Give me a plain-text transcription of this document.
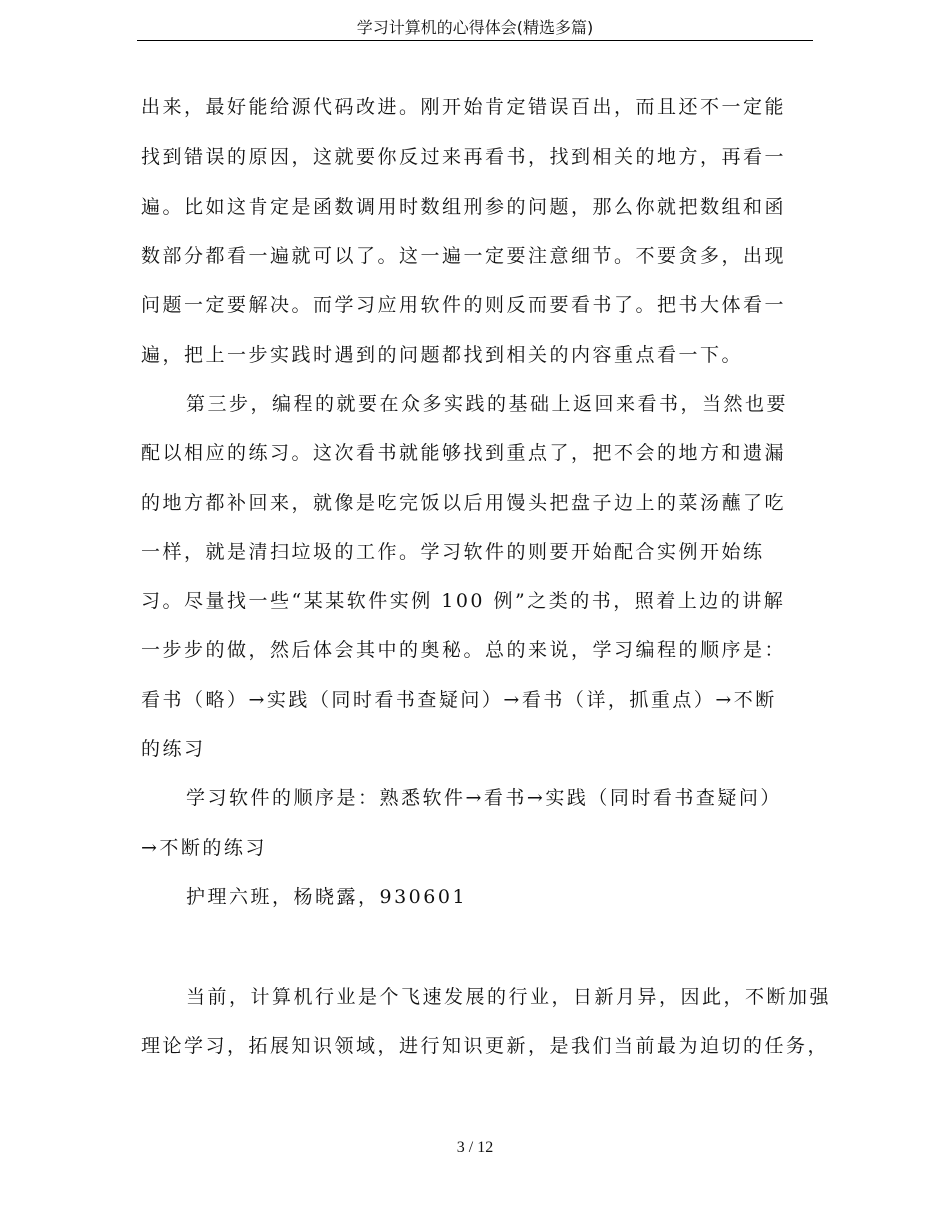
学习计算机的心得体会(精选多篇)
出来，最好能给源代码改进。刚开始肯定错误百出，而且还不一定能
找到错误的原因，这就要你反过来再看书，找到相关的地方，再看一
遍。比如这肯定是函数调用时数组刑参的问题，那么你就把数组和函
数部分都看一遍就可以了。这一遍一定要注意细节。不要贪多，出现
问题一定要解决。而学习应用软件的则反而要看书了。把书大体看一
遍，把上一步实践时遇到的问题都找到相关的内容重点看一下。
第三步，编程的就要在众多实践的基础上返回来看书，当然也要
配以相应的练习。这次看书就能够找到重点了，把不会的地方和遗漏
的地方都补回来，就像是吃完饭以后用馒头把盘子边上的菜汤蘸了吃
一样，就是清扫垃圾的工作。学习软件的则要开始配合实例开始练
习。尽量找一些“某某软件实例 100 例”之类的书，照着上边的讲解
一步步的做，然后体会其中的奥秘。总的来说，学习编程的顺序是：
看书（略）→实践（同时看书查疑问）→看书（详，抓重点）→不断
的练习
学习软件的顺序是：熟悉软件→看书→实践（同时看书查疑问）
→不断的练习
护理六班，杨晓露，930601
当前，计算机行业是个飞速发展的行业，日新月异，因此，不断加强
理论学习，拓展知识领域，进行知识更新，是我们当前最为迫切的任务，
3 / 12
